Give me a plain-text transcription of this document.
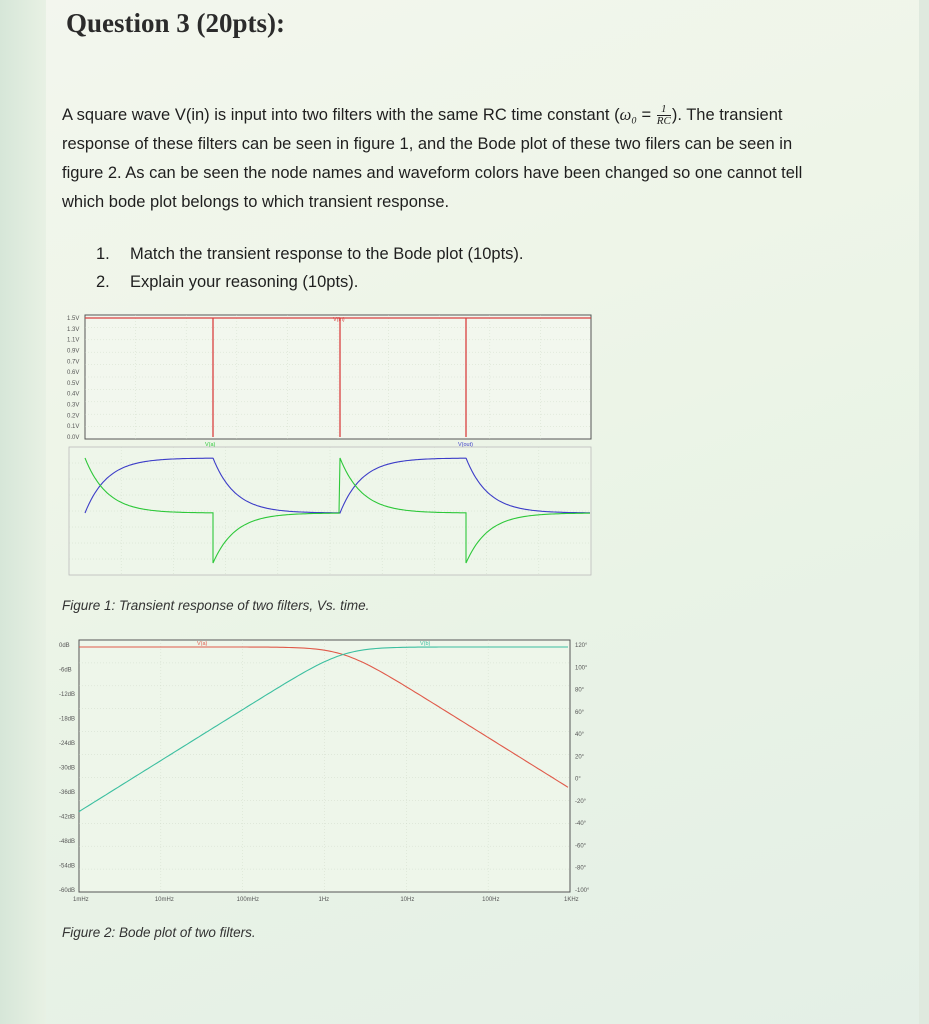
Question 3 (20pts):
A square wave V(in) is input into two filters with the same RC time constant ($\omega_0 = \frac{1}{RC}$ ). The transient
response of these filters can be seen in figure 1, and the Bode plot of these two filers can be seen in
figure 2. As can be seen the node names and waveform colors have been changed so one cannot tell
which bode plot belongs to which transient response.
1.	Match the transient response to the Bode plot (10pts).
2.	Explain your reasoning (10pts).
1.5V
1.3V
1.1V
0.9V
0.7V
0.6V
0.5V
0.4V
0.3V
0.2V
0.1V
0.0V
V(in)
V(a)	V(out)
0dB
-6dB
-12dB
-18dB
-24dB
-30dB
-36dB
-42dB
-48dB
-54dB
-60dB
120°
100°
80°
60°
40°
20°
0°
-20°
-40°
-60°
-80°
-100°
1mHz	10mHz	100mHz	1Hz	10Hz	100Hz	1KHz
V(a)	V(b)
Figure 1: Transient response of two filters, Vs. time.
Figure 2: Bode plot of two filters.
